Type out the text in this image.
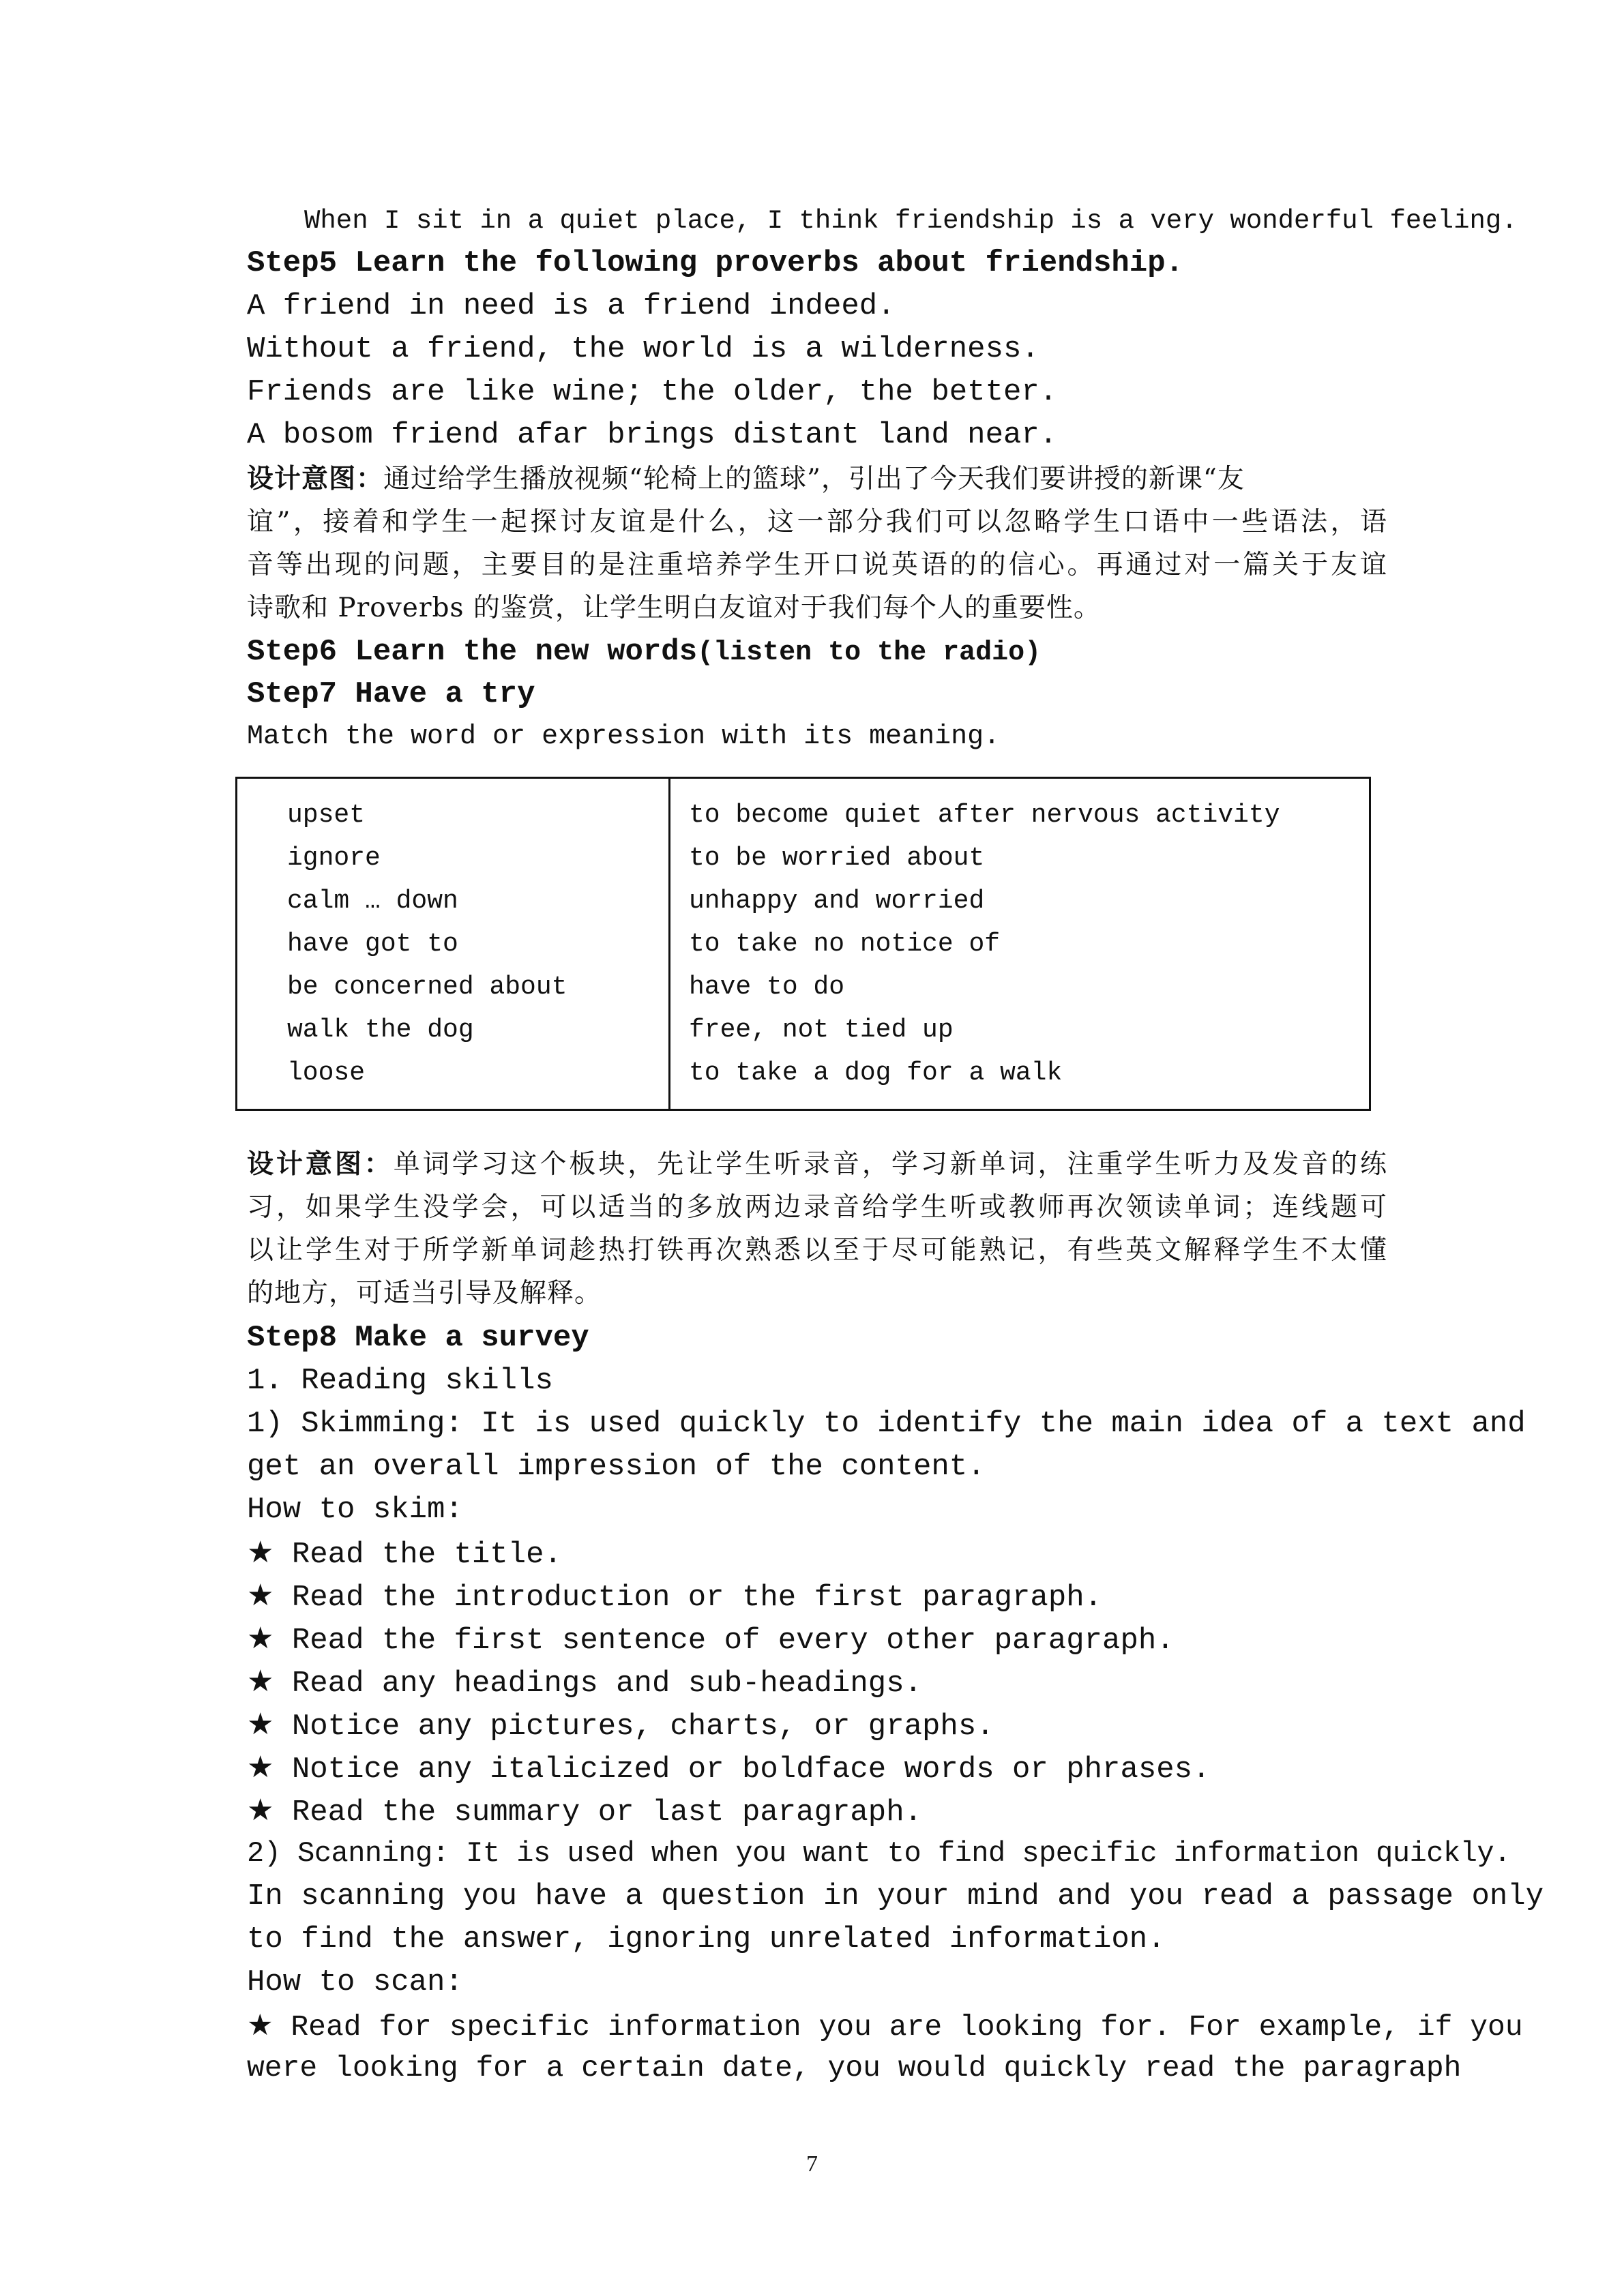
When I sit in a quiet place, I think friendship is a very wonderful feeling.
Step5 Learn the following proverbs about friendship.
A friend in need is a friend indeed.
Without a friend, the world is a wilderness.
Friends are like wine; the older, the better.
A bosom friend afar brings distant land near.
设计意图：通过给学生播放视频“轮椅上的篮球”，引出了今天我们要讲授的新课“友
谊”，接着和学生一起探讨友谊是什么，这一部分我们可以忽略学生口语中一些语法，语
音等出现的问题，主要目的是注重培养学生开口说英语的的信心。再通过对一篇关于友谊
诗歌和 Proverbs 的鉴赏，让学生明白友谊对于我们每个人的重要性。
Step6 Learn the new words(listen to the radio)
Step7 Have a try
Match the word or expression with its meaning.
upset
ignore
calm … down
have got to
be concerned about
walk the dog
loose
to become quiet after nervous activity
to be worried about
unhappy and worried
to take no notice of
have to do
free, not tied up
to take a dog for a walk
设计意图：单词学习这个板块，先让学生听录音，学习新单词，注重学生听力及发音的练
习，如果学生没学会，可以适当的多放两边录音给学生听或教师再次领读单词；连线题可
以让学生对于所学新单词趁热打铁再次熟悉以至于尽可能熟记，有些英文解释学生不太懂
的地方，可适当引导及解释。
Step8 Make a survey
1. Reading skills
1) Skimming: It is used quickly to identify the main idea of a text and
get an overall impression of the content.
How to skim:
★ Read the title.
★ Read the introduction or the first paragraph.
★ Read the first sentence of every other paragraph.
★ Read any headings and sub-headings.
★ Notice any pictures, charts, or graphs.
★ Notice any italicized or boldface words or phrases.
★ Read the summary or last paragraph.
2) Scanning: It is used when you want to find specific information quickly.
In scanning you have a question in your mind and you read a passage only
to find the answer, ignoring unrelated information.
How to scan:
★ Read for specific information you are looking for. For example, if you
were looking for a certain date, you would quickly read the paragraph
7
